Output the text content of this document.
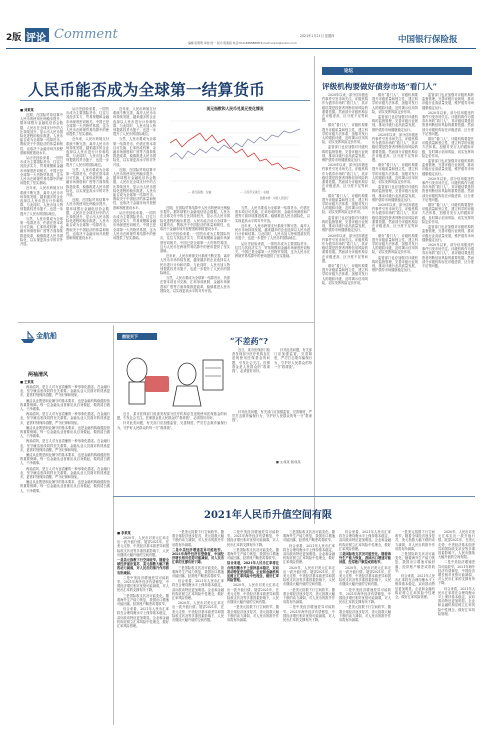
2版 评论 Comment
编辑:张明明 审校:周一 版式:陈素娟 电话:010-88888888 E-mail:xxxxx@xxxxx.com
2021年1月21日 星期四	中国银行保险报
人民币能否成为全球第一结算货币
■ 刘某某

近期，在国际贸易结算中人民币的使用比例稳步提升。据环球银行金融电信协会数据，人民币在全球支付中的占比持续回升，显示出人民币国际化进程的稳步推进。人民币能否成为全球第一结算货币，既取决于中国经济的体量和韧性，也取决于金融市场开放程度和制度建设水平。

从历史经验来看，一国货币成为主要国际货币，往往与其经济实力、贸易规模和金融市场深度密切相关。中国已是全球第一大货物贸易国，这为人民币在跨境贸易结算中的使用提供了坚实基础。

近年来，人民币跨境支付系统不断完善，离岸人民币市场持续发展，越来越多的企业选择以人民币进行计价和结算。与此同时，人民币加入特别提款权货币篮子，也进一步提升了人民币的国际地位。

当然，人民币要成为全球第一结算货币，仍需在资本项目可兑换、汇率形成机制、金融市场深度和广度等方面持续推进改革，稳慎推进人民币国际化，以实现更高水平的对外开放。

从历史经验来看，一国货币成为主要国际货币，往往与其经济实力、贸易规模和金融市场深度密切相关。中国已是全球第一大货物贸易国，这为人民币在跨境贸易结算中的使用提供了坚实基础。

近年来，人民币跨境支付系统不断完善，离岸人民币市场持续发展，越来越多的企业选择以人民币进行计价和结算。与此同时，人民币加入特别提款权货币篮子，也进一步提升了人民币的国际地位。

当然，人民币要成为全球第一结算货币，仍需在资本项目可兑换、汇率形成机制、金融市场深度和广度等方面持续推进改革，稳慎推进人民币国际化，以实现更高水平的对外开放。

近期，在国际贸易结算中人民币的使用比例稳步提升。据环球银行金融电信协会数据，人民币在全球支付中的占比持续回升，显示出人民币国际化进程的稳步推进。人民币能否成为全球第一结算货币，既取决于中国经济的体量和韧性，也取决于金融市场开放程度和制度建设水平。

近年来，人民币跨境支付系统不断完善，离岸人民币市场持续发展，越来越多的企业选择以人民币进行计价和结算。与此同时，人民币加入特别提款权货币篮子，也进一步提升了人民币的国际地位。

当然，人民币要成为全球第一结算货币，仍需在资本项目可兑换、汇率形成机制、金融市场深度和广度等方面持续推进改革，稳慎推进人民币国际化，以实现更高水平的对外开放。

近期，在国际贸易结算中人民币的使用比例稳步提升。据环球银行金融电信协会数据，人民币在全球支付中的占比持续回升，显示出人民币国际化进程的稳步推进。人民币能否成为全球第一结算货币，既取决于中国经济的体量和韧性，也取决于金融市场开放程度和制度建设水平。

从历史经验来看，一国货币成为主要国际货币，往往与其经济实力、贸易规模和金融市场深度密切相关。中国已是全球第一大货物贸易国，这为人民币在跨境贸易结算中的使用提供了坚实基础。

美元指数和人民币兑美元变化情况
— 美元指数：左轴	— 人民币兑美元：右轴
数据来源：中国人民银行

近期，在国际贸易结算中人民币的使用比例稳步提升。据环球银行金融电信协会数据，人民币在全球支付中的占比持续回升，显示出人民币国际化进程的稳步推进。人民币能否成为全球第一结算货币，既取决于中国经济的体量和韧性，也取决于金融市场开放程度和制度建设水平。

从历史经验来看，一国货币成为主要国际货币，往往与其经济实力、贸易规模和金融市场深度密切相关。中国已是全球第一大货物贸易国，这为人民币在跨境贸易结算中的使用提供了坚实基础。

近年来，人民币跨境支付系统不断完善，离岸人民币市场持续发展，越来越多的企业选择以人民币进行计价和结算。与此同时，人民币加入特别提款权货币篮子，也进一步提升了人民币的国际地位。

当然，人民币要成为全球第一结算货币，仍需在资本项目可兑换、汇率形成机制、金融市场深度和广度等方面持续推进改革，稳慎推进人民币国际化，以实现更高水平的对外开放。

当然，人民币要成为全球第一结算货币，仍需在资本项目可兑换、汇率形成机制、金融市场深度和广度等方面持续推进改革，稳慎推进人民币国际化，以实现更高水平的对外开放。

近年来，人民币跨境支付系统不断完善，离岸人民币市场持续发展，越来越多的企业选择以人民币进行计价和结算。与此同时，人民币加入特别提款权货币篮子，也进一步提升了人民币的国际地位。

从历史经验来看，一国货币成为主要国际货币，往往与其经济实力、贸易规模和金融市场深度密切相关。中国已是全球第一大货物贸易国，这为人民币在跨境贸易结算中的使用提供了坚实基础。

论坛
评级机构要做好债券市场“看门人”

2020年以来，部分信用债违约事件引发市场关注。评级机构作为债券市场的“看门人”，其评级结果是投资者判断信用风险的重要依据。然而部分评级机构存在评级虚高、区分度不足等问题。

做好“看门人”，评级机构要提升评级质量和独立性，建立科学的评级方法体系，加强对发行人的跟踪评级，及时揭示信用风险，切实发挥风险定价作用。

监管部门也应加强对评级机构的监督管理，完善评级行业规则，推动评级行业高质量发展，维护债券市场健康稳定运行。

2020年以来，部分信用债违约事件引发市场关注。评级机构作为债券市场的“看门人”，其评级结果是投资者判断信用风险的重要依据。然而部分评级机构存在评级虚高、区分度不足等问题。

做好“看门人”，评级机构要提升评级质量和独立性，建立科学的评级方法体系，加强对发行人的跟踪评级，及时揭示信用风险，切实发挥风险定价作用。

监管部门也应加强对评级机构的监督管理，完善评级行业规则，推动评级行业高质量发展，维护债券市场健康稳定运行。

2020年以来，部分信用债违约事件引发市场关注。评级机构作为债券市场的“看门人”，其评级结果是投资者判断信用风险的重要依据。然而部分评级机构存在评级虚高、区分度不足等问题。

做好“看门人”，评级机构要提升评级质量和独立性，建立科学的评级方法体系，加强对发行人的跟踪评级，及时揭示信用风险，切实发挥风险定价作用。

做好“看门人”，评级机构要提升评级质量和独立性，建立科学的评级方法体系，加强对发行人的跟踪评级，及时揭示信用风险，切实发挥风险定价作用。

监管部门也应加强对评级机构的监督管理，完善评级行业规则，推动评级行业高质量发展，维护债券市场健康稳定运行。

2020年以来，部分信用债违约事件引发市场关注。评级机构作为债券市场的“看门人”，其评级结果是投资者判断信用风险的重要依据。然而部分评级机构存在评级虚高、区分度不足等问题。

做好“看门人”，评级机构要提升评级质量和独立性，建立科学的评级方法体系，加强对发行人的跟踪评级，及时揭示信用风险，切实发挥风险定价作用。

监管部门也应加强对评级机构的监督管理，完善评级行业规则，推动评级行业高质量发展，维护债券市场健康稳定运行。

2020年以来，部分信用债违约事件引发市场关注。评级机构作为债券市场的“看门人”，其评级结果是投资者判断信用风险的重要依据。然而部分评级机构存在评级虚高、区分度不足等问题。

做好“看门人”，评级机构要提升评级质量和独立性，建立科学的评级方法体系，加强对发行人的跟踪评级，及时揭示信用风险，切实发挥风险定价作用。

监管部门也应加强对评级机构的监督管理，完善评级行业规则，推动评级行业高质量发展，维护债券市场健康稳定运行。

监管部门也应加强对评级机构的监督管理，完善评级行业规则，推动评级行业高质量发展，维护债券市场健康稳定运行。

2020年以来，部分信用债违约事件引发市场关注。评级机构作为债券市场的“看门人”，其评级结果是投资者判断信用风险的重要依据。然而部分评级机构存在评级虚高、区分度不足等问题。

做好“看门人”，评级机构要提升评级质量和独立性，建立科学的评级方法体系，加强对发行人的跟踪评级，及时揭示信用风险，切实发挥风险定价作用。

监管部门也应加强对评级机构的监督管理，完善评级行业规则，推动评级行业高质量发展，维护债券市场健康稳定运行。

2020年以来，部分信用债违约事件引发市场关注。评级机构作为债券市场的“看门人”，其评级结果是投资者判断信用风险的重要依据。然而部分评级机构存在评级虚高、区分度不足等问题。

做好“看门人”，评级机构要提升评级质量和独立性，建立科学的评级方法体系，加强对发行人的跟踪评级，及时揭示信用风险，切实发挥风险定价作用。

监管部门也应加强对评级机构的监督管理，完善评级行业规则，推动评级行业高质量发展，维护债券市场健康稳定运行。

2020年以来，部分信用债违约事件引发市场关注。评级机构作为债券市场的“看门人”，其评级结果是投资者判断信用风险的重要依据。然而部分评级机构存在评级虚高、区分度不足等问题。

金航船
两袖清风
■ 王某某

两袖清风，是古人对为官清廉的一种形象化描述。在金融行业，坚守廉洁底线同样至关重要。金融从业人员面对的诱惑更多，更需时刻保持清醒，严守纪律和规矩。

廉洁从业既是职业操守的基本要求，也是金融机构稳健经营的重要保障。每一位金融从业者都应从自身做起，做到清白做人、干净做事。

两袖清风，是古人对为官清廉的一种形象化描述。在金融行业，坚守廉洁底线同样至关重要。金融从业人员面对的诱惑更多，更需时刻保持清醒，严守纪律和规矩。

廉洁从业既是职业操守的基本要求，也是金融机构稳健经营的重要保障。每一位金融从业者都应从自身做起，做到清白做人、干净做事。

两袖清风，是古人对为官清廉的一种形象化描述。在金融行业，坚守廉洁底线同样至关重要。金融从业人员面对的诱惑更多，更需时刻保持清醒，严守纪律和规矩。

廉洁从业既是职业操守的基本要求，也是金融机构稳健经营的重要保障。每一位金融从业者都应从自身做起，做到清白做人、干净做事。

两袖清风，是古人对为官清廉的一种形象化描述。在金融行业，坚守廉洁底线同样至关重要。金融从业人员面对的诱惑更多，更需时刻保持清醒，严守纪律和规矩。

廉洁从业既是职业操守的基本要求，也是金融机构稳健经营的重要保障。每一位金融从业者都应从自身做起，做到清白做人、干净做事。

图说天下	“不差药”?

近日，某市医保部门检查发现部分医疗机构存在违规使用医保基金的问题，引发社会关注。医保基金是人民群众的“救命钱”，必须管好用好。

针对此类问题，有关部门应加强监管，完善制度，严厉打击欺诈骗保行为，守护好人民群众的每一分“救命钱”。

近日，某市医保部门检查发现部分医疗机构存在违规使用医保基金的问题，引发社会关注。医保基金是人民群众的“救命钱”，必须管好用好。

针对此类问题，有关部门应加强监管，完善制度，严厉打击欺诈骗保行为，守护好人民群众的每一分“救命钱”。

针对此类问题，有关部门应加强监管，完善制度，严厉打击欺诈骗保行为，守护好人民群众的每一分“救命钱”。

■ 文/某某 图/某某
2021年人民币升值空间有限
■ 李某某

2020年，人民币对美元汇率走出一波升值行情。展望2021年，在美元走势、中美经济基本面差异和国际收支状况等多重因素影响下，人民币继续大幅升值的空间有限。

一是美元指数下行空间收窄。随着全球经济逐步复苏，美元指数大幅下跌的动力减弱，对人民币的推升作用将有所减弱。

二是中美经济增速差异可能收窄。2021年海外经济有望修复，中国经济增长相对优势可能减弱，对人民币汇率的支撑有所下降。

三是国际收支状况可能变化。随着海外生产能力恢复，我国出口增速可能回落，经常账户顺差或将收窄。

综合来看，2021年人民币汇率将在合理均衡水平上保持基本稳定，双向波动特征更加明显。企业和金融机构应树立汇率风险中性理念，做好汇率风险管理。

一是美元指数下行空间收窄。随着全球经济逐步复苏，美元指数大幅下跌的动力减弱，对人民币的推升作用将有所减弱。

二是中美经济增速差异可能收窄。2021年海外经济有望修复，中国经济增长相对优势可能减弱，对人民币汇率的支撑有所下降。

三是国际收支状况可能变化。随着海外生产能力恢复，我国出口增速可能回落，经常账户顺差或将收窄。

综合来看，2021年人民币汇率将在合理均衡水平上保持基本稳定，双向波动特征更加明显。企业和金融机构应树立汇率风险中性理念，做好汇率风险管理。

2020年，人民币对美元汇率走出一波升值行情。展望2021年，在美元走势、中美经济基本面差异和国际收支状况等多重因素影响下，人民币继续大幅升值的空间有限。

二是中美经济增速差异可能收窄。2021年海外经济有望修复，中国经济增长相对优势可能减弱，对人民币汇率的支撑有所下降。

三是国际收支状况可能变化。随着海外生产能力恢复，我国出口增速可能回落，经常账户顺差或将收窄。

综合来看，2021年人民币汇率将在合理均衡水平上保持基本稳定，双向波动特征更加明显。企业和金融机构应树立汇率风险中性理念，做好汇率风险管理。

2020年，人民币对美元汇率走出一波升值行情。展望2021年，在美元走势、中美经济基本面差异和国际收支状况等多重因素影响下，人民币继续大幅升值的空间有限。

一是美元指数下行空间收窄。随着全球经济逐步复苏，美元指数大幅下跌的动力减弱，对人民币的推升作用将有所减弱。

三是国际收支状况可能变化。随着海外生产能力恢复，我国出口增速可能回落，经常账户顺差或将收窄。

综合来看，2021年人民币汇率将在合理均衡水平上保持基本稳定，双向波动特征更加明显。企业和金融机构应树立汇率风险中性理念，做好汇率风险管理。

2020年，人民币对美元汇率走出一波升值行情。展望2021年，在美元走势、中美经济基本面差异和国际收支状况等多重因素影响下，人民币继续大幅升值的空间有限。

一是美元指数下行空间收窄。随着全球经济逐步复苏，美元指数大幅下跌的动力减弱，对人民币的推升作用将有所减弱。

二是中美经济增速差异可能收窄。2021年海外经济有望修复，中国经济增长相对优势可能减弱，对人民币汇率的支撑有所下降。

综合来看，2021年人民币汇率将在合理均衡水平上保持基本稳定，双向波动特征更加明显。企业和金融机构应树立汇率风险中性理念，做好汇率风险管理。

三是国际收支状况可能变化。随着海外生产能力恢复，我国出口增速可能回落，经常账户顺差或将收窄。

2020年，人民币对美元汇率走出一波升值行情。展望2021年，在美元走势、中美经济基本面差异和国际收支状况等多重因素影响下，人民币继续大幅升值的空间有限。

二是中美经济增速差异可能收窄。2021年海外经济有望修复，中国经济增长相对优势可能减弱，对人民币汇率的支撑有所下降。

一是美元指数下行空间收窄。随着全球经济逐步复苏，美元指数大幅下跌的动力减弱，对人民币的推升作用将有所减弱。

一是美元指数下行空间收窄。随着全球经济逐步复苏，美元指数大幅下跌的动力减弱，对人民币的推升作用将有所减弱。

三是国际收支状况可能变化。随着海外生产能力恢复，我国出口增速可能回落，经常账户顺差或将收窄。

综合来看，2021年人民币汇率将在合理均衡水平上保持基本稳定，双向波动特征更加明显。企业和金融机构应树立汇率风险中性理念，做好汇率风险管理。

2020年，人民币对美元汇率走出一波升值行情。展望2021年，在美元走势、中美经济基本面差异和国际收支状况等多重因素影响下，人民币继续大幅升值的空间有限。

二是中美经济增速差异可能收窄。2021年海外经济有望修复，中国经济增长相对优势可能减弱，对人民币汇率的支撑有所下降。

综合来看，2021年人民币汇率将在合理均衡水平上保持基本稳定，双向波动特征更加明显。企业和金融机构应树立汇率风险中性理念，做好汇率风险管理。
